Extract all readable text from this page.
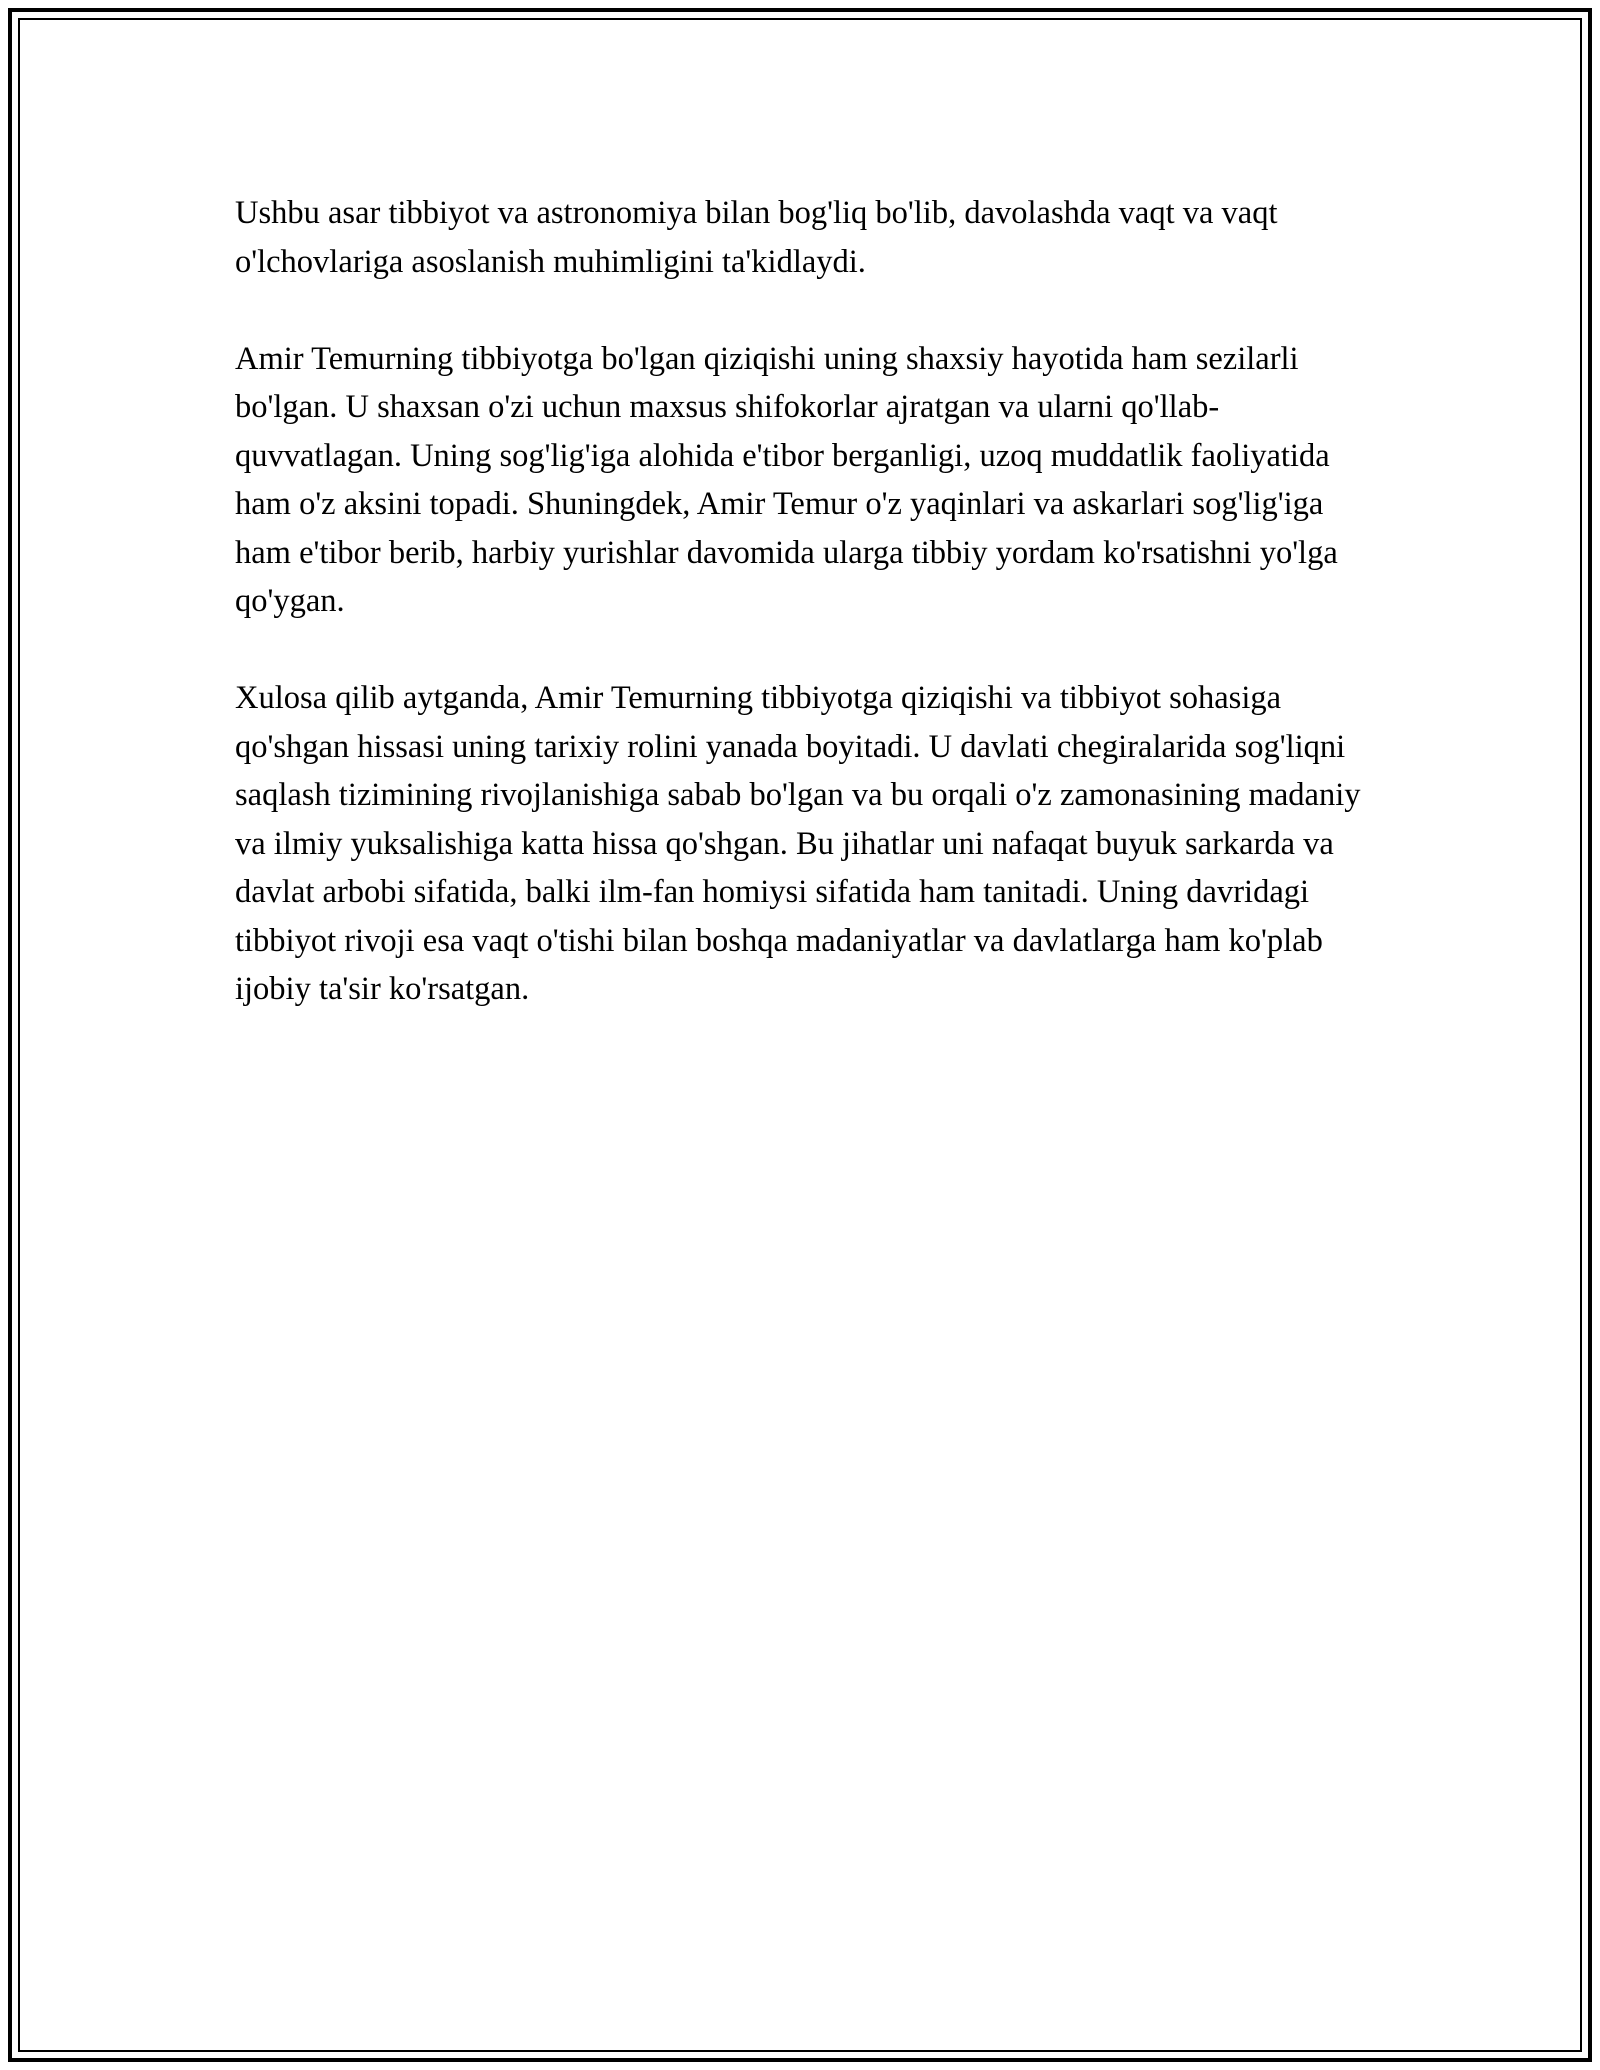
Ushbu asar tibbiyot va astronomiya bilan bog'liq bo'lib, davolashda vaqt va vaqt o'lchovlariga asoslanish muhimligini ta'kidlaydi.

Amir Temurning tibbiyotga bo'lgan qiziqishi uning shaxsiy hayotida ham sezilarli bo'lgan. U shaxsan o'zi uchun maxsus shifokorlar ajratgan va ularni qo'llab-quvvatlagan. Uning sog'lig'iga alohida e'tibor berganligi, uzoq muddatlik faoliyatida ham o'z aksini topadi. Shuningdek, Amir Temur o'z yaqinlari va askarlari sog'lig'iga ham e'tibor berib, harbiy yurishlar davomida ularga tibbiy yordam ko'rsatishni yo'lga qo'ygan.

Xulosa qilib aytganda, Amir Temurning tibbiyotga qiziqishi va tibbiyot sohasiga qo'shgan hissasi uning tarixiy rolini yanada boyitadi. U davlati chegiralarida sog'liqni saqlash tizimining rivojlanishiga sabab bo'lgan va bu orqali o'z zamonasining madaniy va ilmiy yuksalishiga katta hissa qo'shgan. Bu jihatlar uni nafaqat buyuk sarkarda va davlat arbobi sifatida, balki ilm-fan homiysi sifatida ham tanitadi. Uning davridagi tibbiyot rivoji esa vaqt o'tishi bilan boshqa madaniyatlar va davlatlarga ham ko'plab ijobiy ta'sir ko'rsatgan.
